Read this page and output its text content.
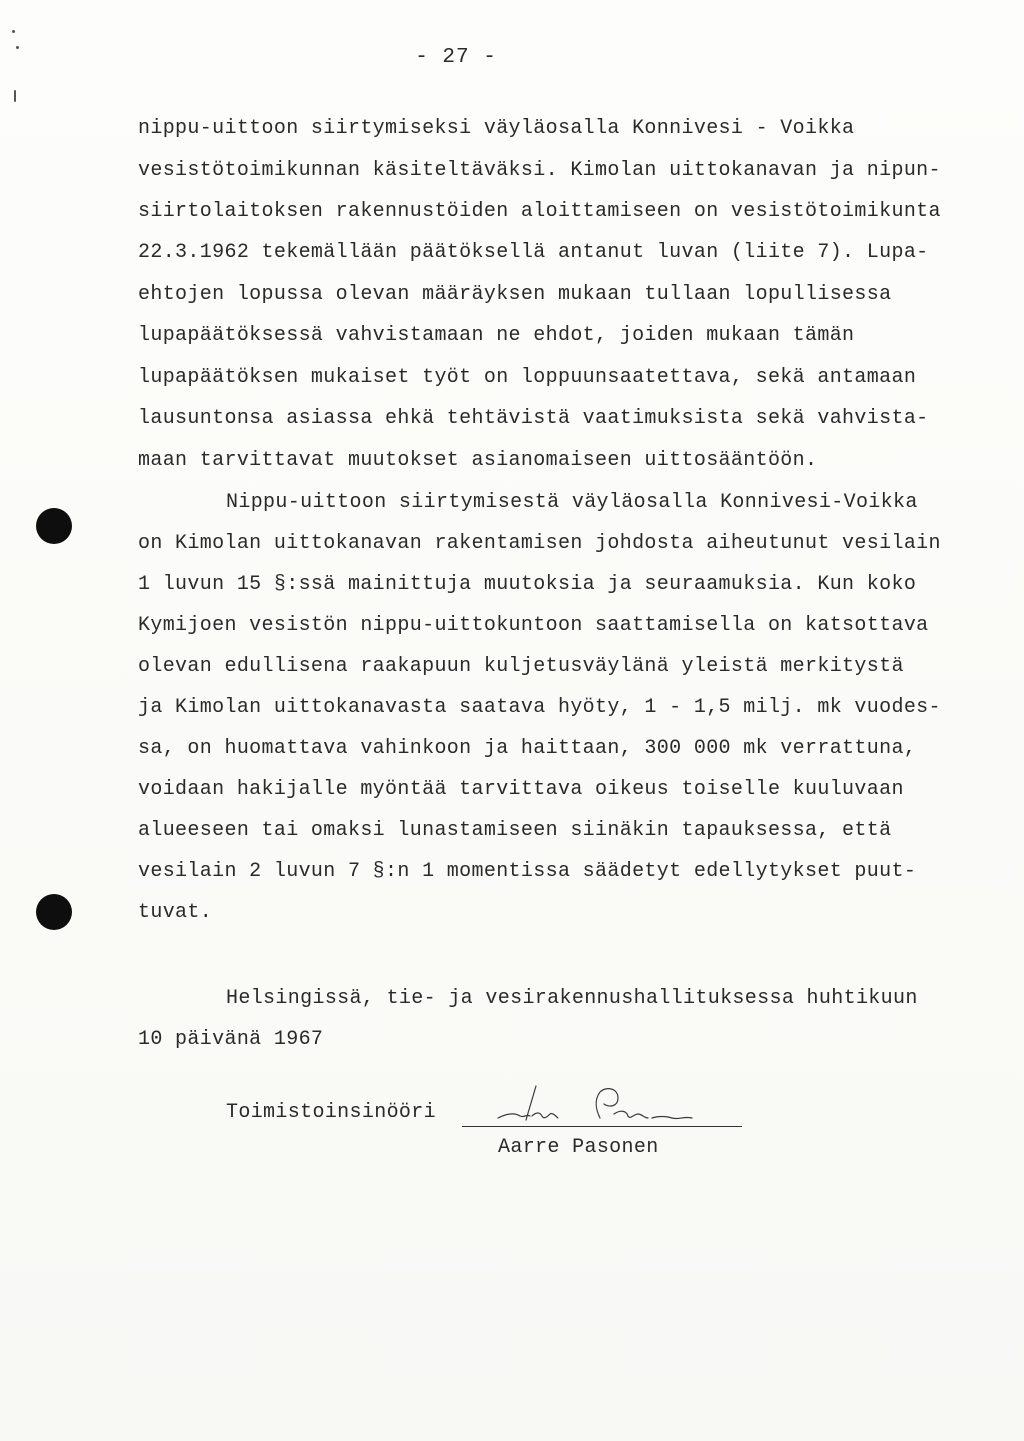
- 27 -
nippu-uittoon siirtymiseksi väyläosalla Konnivesi - Voikka
vesistötoimikunnan käsiteltäväksi. Kimolan uittokanavan ja nipun-
siirtolaitoksen rakennustöiden aloittamiseen on vesistötoimikunta
22.3.1962 tekemällään päätöksellä antanut luvan (liite 7). Lupa-
ehtojen lopussa olevan määräyksen mukaan tullaan lopullisessa
lupapäätöksessä vahvistamaan ne ehdot, joiden mukaan tämän
lupapäätöksen mukaiset työt on loppuunsaatettava, sekä antamaan
lausuntonsa asiassa ehkä tehtävistä vaatimuksista sekä vahvista-
maan tarvittavat muutokset asianomaiseen uittosääntöön.
Nippu-uittoon siirtymisestä väyläosalla Konnivesi-Voikka
on Kimolan uittokanavan rakentamisen johdosta aiheutunut vesilain
1 luvun 15 §:ssä mainittuja muutoksia ja seuraamuksia. Kun koko
Kymijoen vesistön nippu-uittokuntoon saattamisella on katsottava
olevan edullisena raakapuun kuljetusväylänä yleistä merkitystä
ja Kimolan uittokanavasta saatava hyöty, 1 - 1,5 milj. mk vuodes-
sa, on huomattava vahinkoon ja haittaan, 300 000 mk verrattuna,
voidaan hakijalle myöntää tarvittava oikeus toiselle kuuluvaan
alueeseen tai omaksi lunastamiseen siinäkin tapauksessa, että
vesilain 2 luvun 7 §:n 1 momentissa säädetyt edellytykset puut-
tuvat.
Helsingissä, tie- ja vesirakennushallituksessa huhtikuun
10 päivänä 1967
Toimistoinsinööri
Aarre Pasonen
